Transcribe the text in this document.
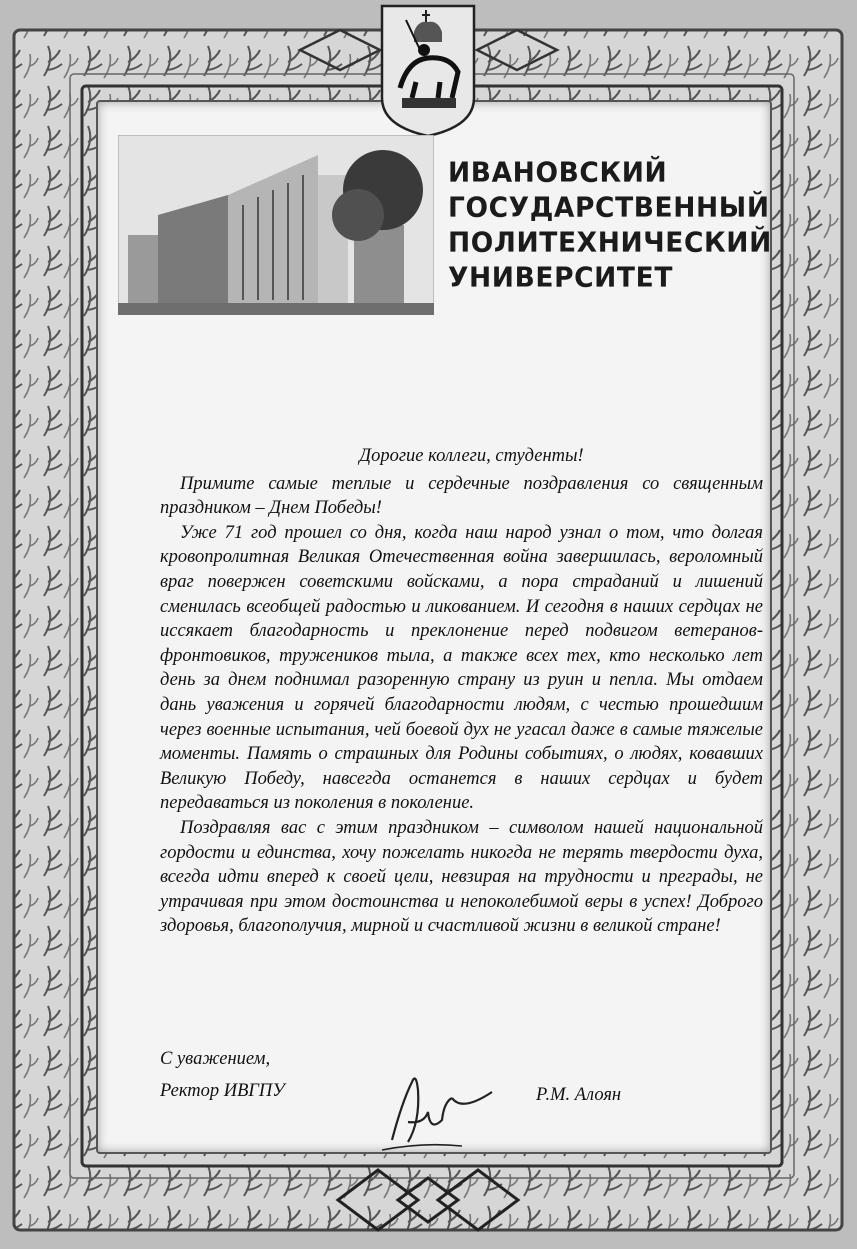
ИВАНОВСКИЙ
ГОСУДАРСТВЕННЫЙ
ПОЛИТЕХНИЧЕСКИЙ
УНИВЕРСИТЕТ

Дорогие коллеги, студенты!

Примите самые теплые и сердечные поздравления со священным праздником – Днем Победы!

Уже 71 год прошел со дня, когда наш народ узнал о том, что долгая кровопролитная Великая Отечественная война завершилась, вероломный враг повержен советскими войсками, а пора страданий и лишений сменилась всеобщей радостью и ликованием. И сегодня в наших сердцах не иссякает благодарность и преклонение перед подвигом ветеранов-фронтовиков, тружеников тыла, а также всех тех, кто несколько лет день за днем поднимал разоренную страну из руин и пепла. Мы отдаем дань уважения и горячей благодарности людям, с честью прошедшим через военные испытания, чей боевой дух не угасал даже в самые тяжелые моменты. Память о страшных для Родины событиях, о людях, ковавших Великую Победу, навсегда останется в наших сердцах и будет передаваться из поколения в поколение.

Поздравляя вас с этим праздником – символом нашей национальной гордости и единства, хочу пожелать никогда не терять твердости духа, всегда идти вперед к своей цели, невзирая на трудности и преграды, не утрачивая при этом достоинства и непоколебимой веры в успех! Доброго здоровья, благополучия, мирной и счастливой жизни в великой стране!

С уважением,
Ректор ИВГПУ	Р.М. Алоян
